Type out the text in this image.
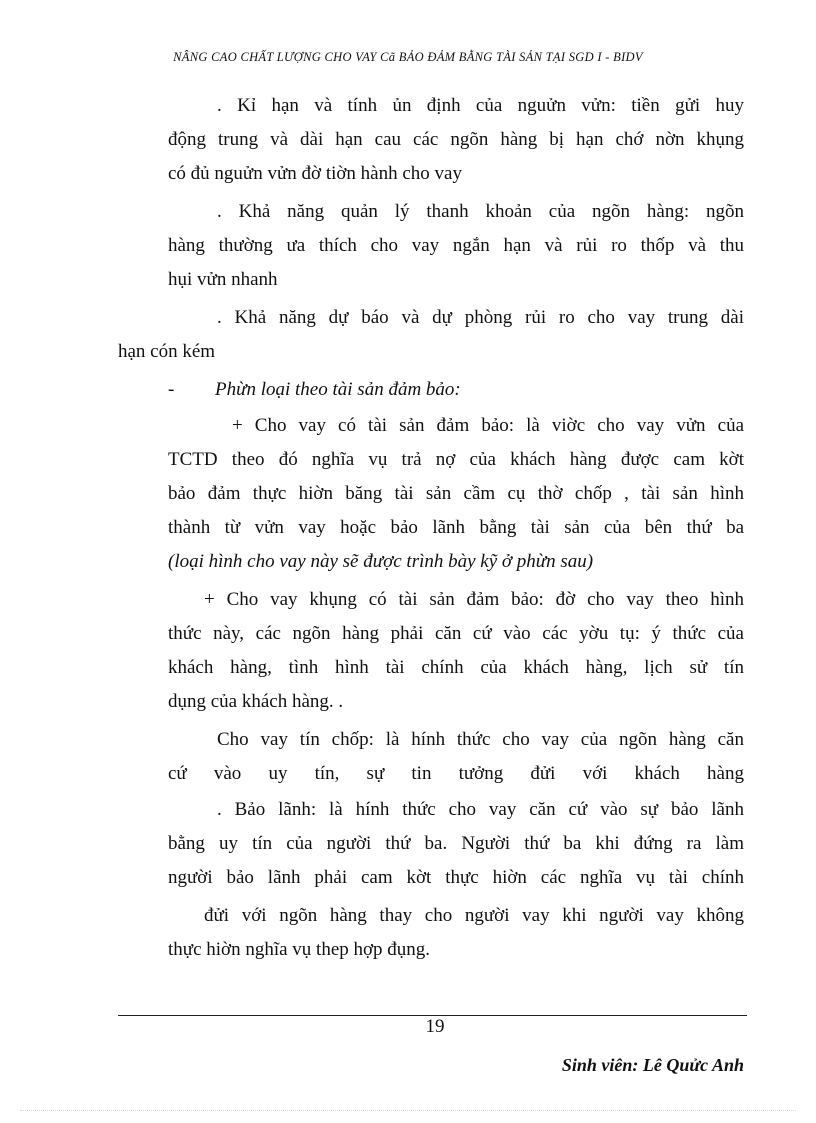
NÂNG CAO CHẤT LƯỢNG CHO VAY Cã BẢO ĐẢM BẰNG TÀI SẢN TẠI SGD I - BIDV
. Kỉ hạn và tính ủn định của nguửn vửn: tiền gửi huy
động trung và dài hạn cau các ngõn hàng bị hạn chớ nờn khụng
có đủ nguửn vửn đờ tiờn hành cho vay
. Khả năng quản lý thanh khoản của ngõn hàng: ngõn
hàng thường ưa thích cho vay ngắn hạn và rủi ro thốp và thu
hụi vửn nhanh
. Khả năng dự báo và dự phòng rủi ro cho vay trung dài
hạn cón kém
- Phừn loại theo tài sản đảm bảo:
+ Cho vay có tài sản đảm bảo: là viờc cho vay vửn của
TCTD theo đó nghĩa vụ trả nợ của khách hàng được cam kờt
bảo đảm thực hiờn băng tài sản cầm cụ thờ chốp , tài sản hình
thành từ vửn vay hoặc bảo lãnh bằng tài sản của bên thứ ba
(loại hình cho vay này sẽ được trình bày kỹ ở phừn sau)
+ Cho vay khụng có tài sản đảm bảo: đờ cho vay theo hình
thức này, các ngõn hàng phải căn cứ vào các yờu tụ: ý thức của
khách hàng, tình hình tài chính của khách hàng, lịch sử tín
dụng của khách hàng. .
Cho vay tín chốp: là hính thức cho vay của ngõn hàng căn
cứ vào uy tín, sự tin tưởng đửi với khách hàng
. Bảo lãnh: là hính thức cho vay căn cứ vào sự bảo lãnh
bằng uy tín của người thứ ba. Người thứ ba khi đứng ra làm
người bảo lãnh phải cam kờt thực hiờn các nghĩa vụ tài chính
đửi với ngõn hàng thay cho người vay khi người vay không
thực hiờn nghĩa vụ thep hợp đụng.
19
Sinh viên: Lê Quửc Anh
